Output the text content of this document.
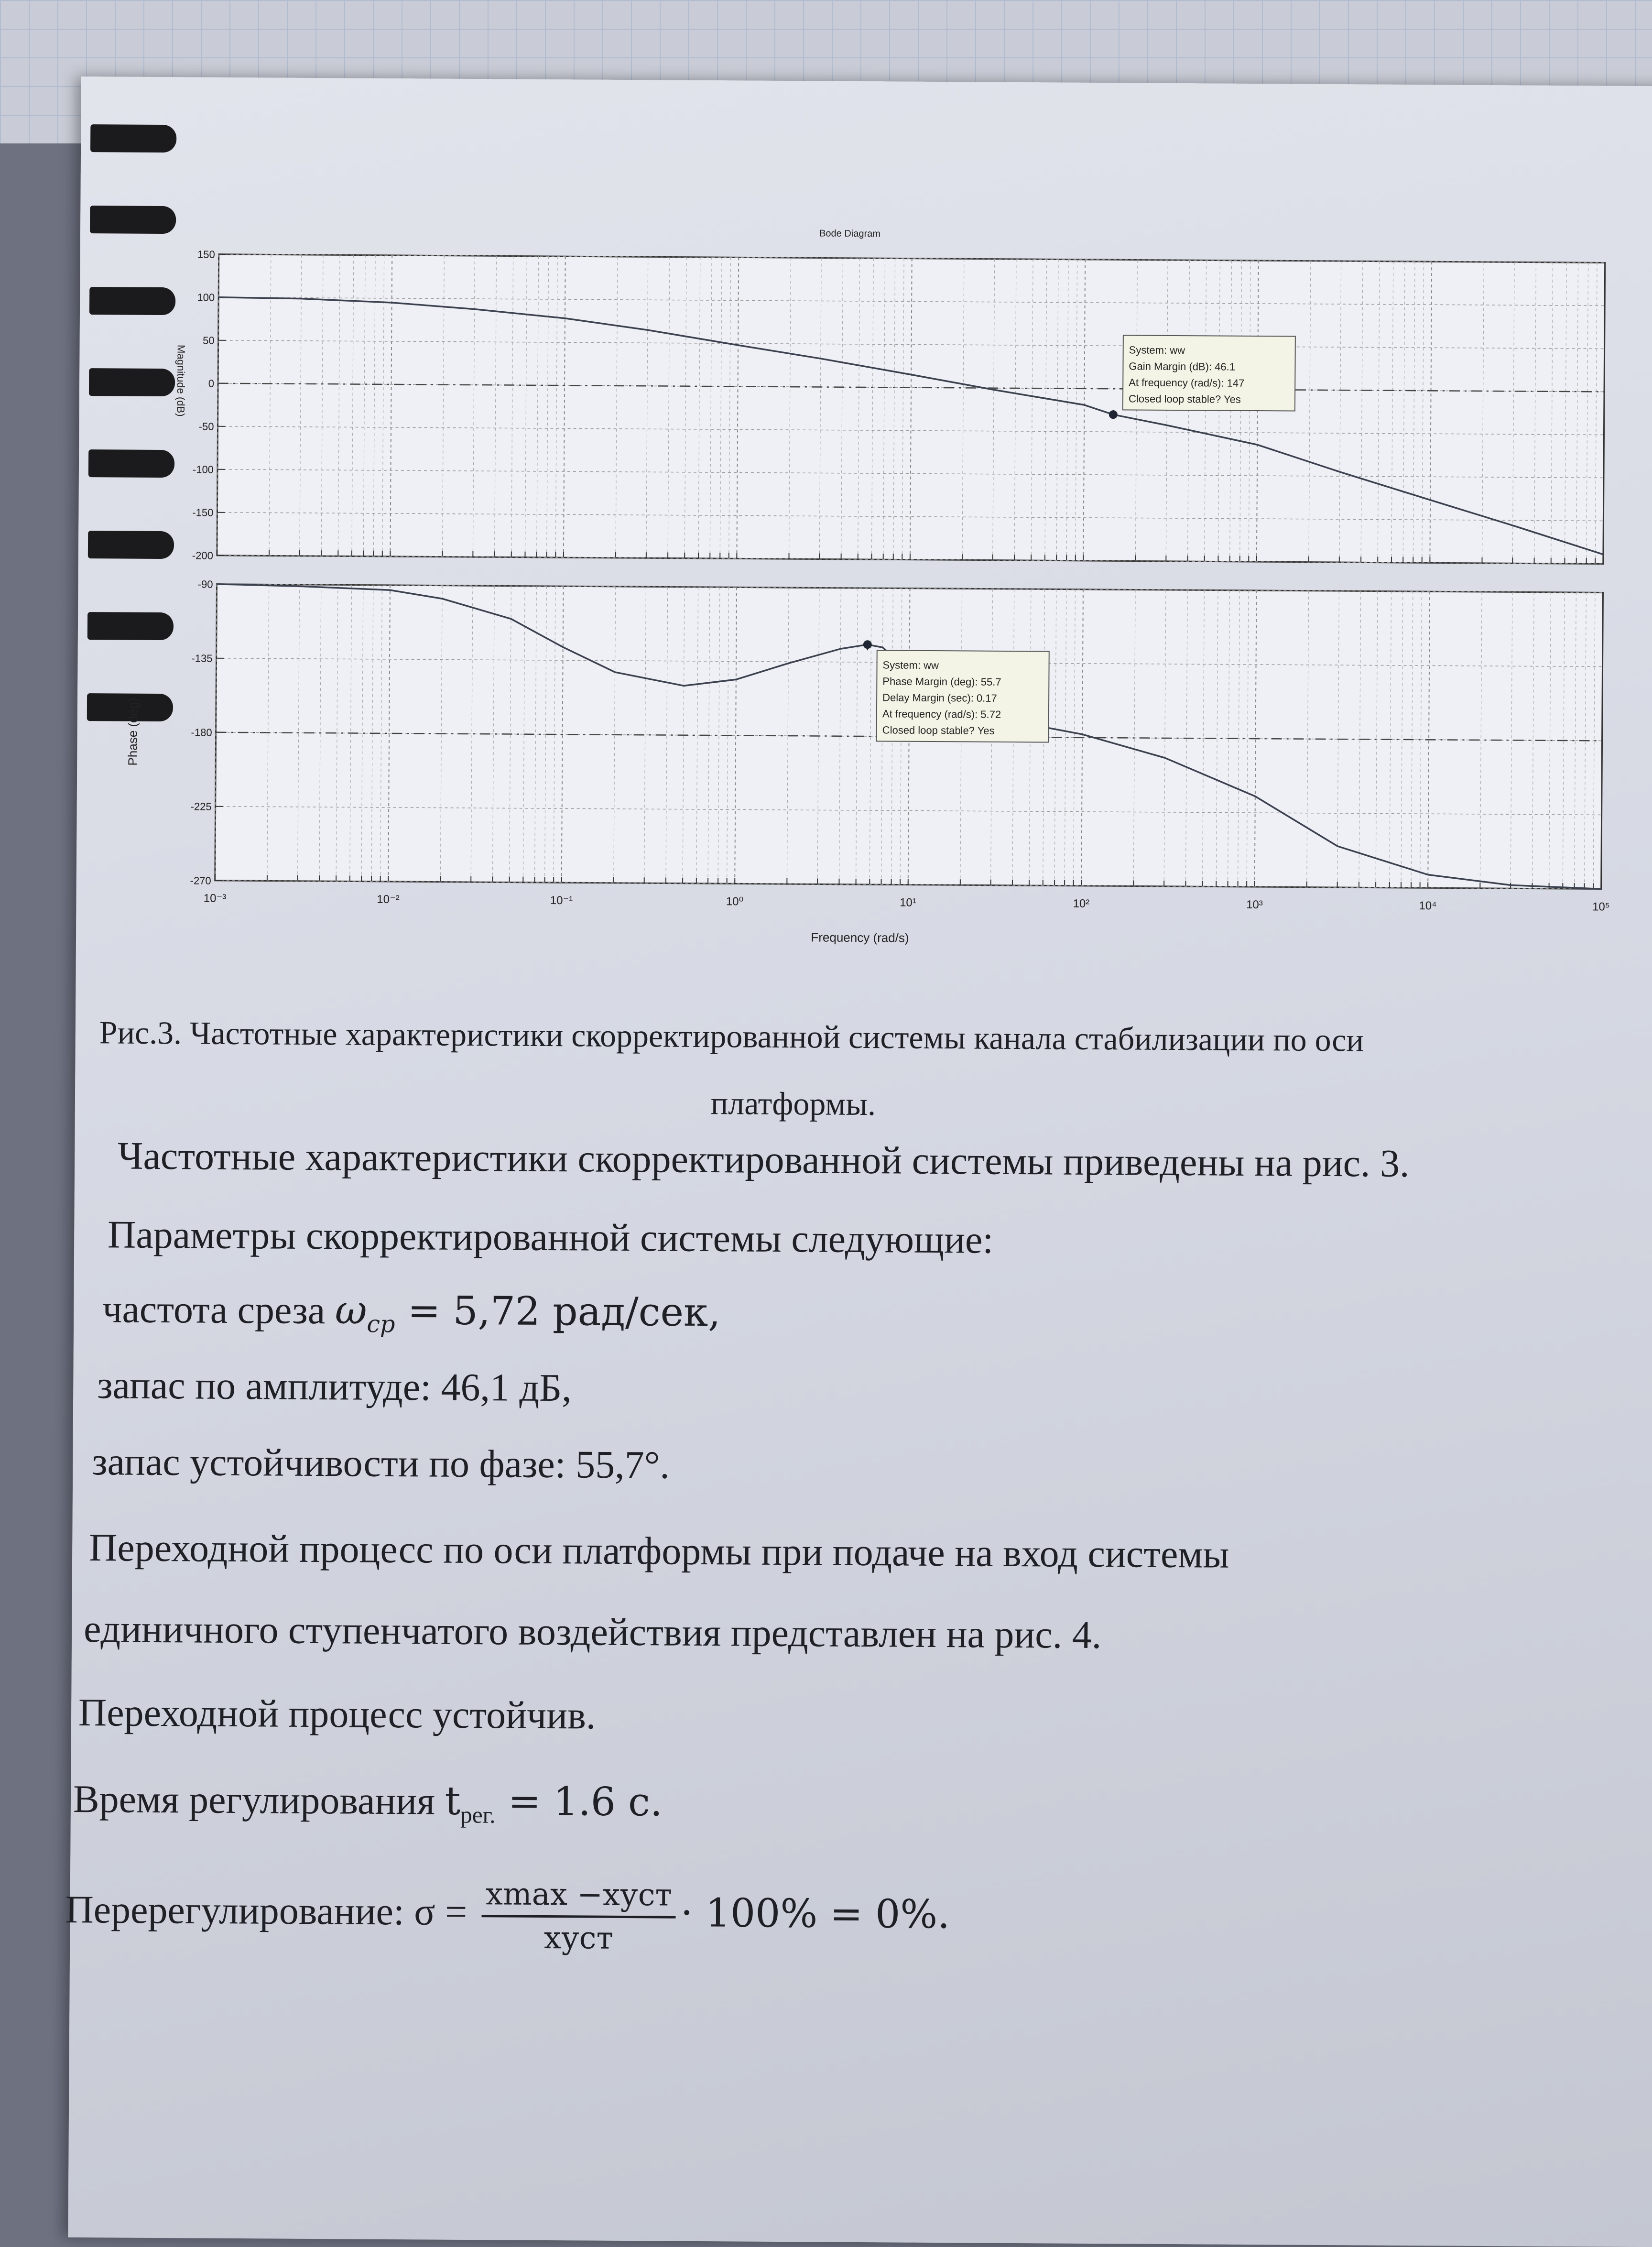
Bode Diagram
Magnitude (dB)
Phase (deg)
Frequency (rad/s)
150
100
50
0
-50
-100
-150
-200
-90
-135
-180
-225
-270
10⁻³	10⁻²	10⁻¹	10⁰	10¹	10²	10³	10⁴	10⁵
System: ww
Gain Margin (dB): 46.1
At frequency (rad/s): 147
Closed loop stable? Yes
System: ww
Phase Margin (deg): 55.7
Delay Margin (sec): 0.17
At frequency (rad/s): 5.72
Closed loop stable? Yes
Рис.3. Частотные характеристики скорректированной системы канала стабилизации по оси
платформы.
Частотные характеристики скорректированной системы приведены на рис. 3.
Параметры скорректированной системы следующие:
частота среза $\omega_{ср} = 5,72$ рад/сек,
запас по амплитуде: 46,1 дБ,
запас устойчивости по фазе: 55,7°.
Переходной процесс по оси платформы при подаче на вход системы
единичного ступенчатого воздействия представлен на рис. 4.
Переходной процесс устойчив.
Время регулирования $t_{рег.} = 1.6$ с.
Перерегулирование: $\sigma = \frac{\text{xmax −xуст}}{\text{xуст}} \cdot 100\% = 0\%$.
